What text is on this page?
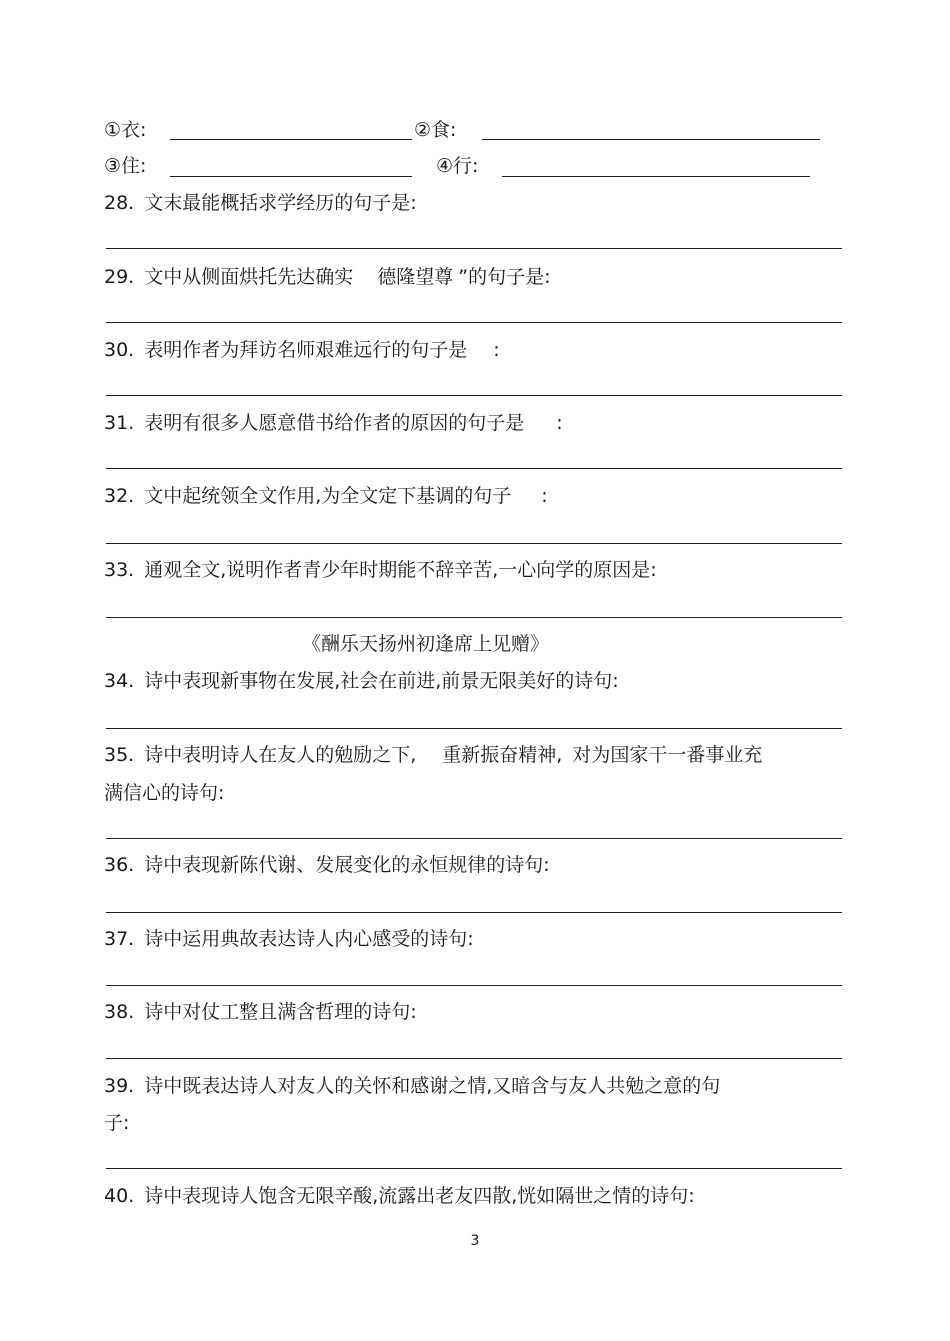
①衣:	②食:
③住:	④行:
28. 文末最能概括求学经历的句子是:
29. 文中从侧面烘托先达确实 德隆望尊 ”的句子是:
30. 表明作者为拜访名师艰难远行的句子是 :
31. 表明有很多人愿意借书给作者的原因的句子是 :
32. 文中起统领全文作用,为全文定下基调的句子 :
33. 通观全文,说明作者青少年时期能不辞辛苦,一心向学的原因是:
《酬乐天扬州初逢席上见赠》
34. 诗中表现新事物在发展,社会在前进,前景无限美好的诗句:
35. 诗中表明诗人在友人的勉励之下, 重新振奋精神, 对为国家干一番事业充
满信心的诗句:
36. 诗中表现新陈代谢、发展变化的永恒规律的诗句:
37. 诗中运用典故表达诗人内心感受的诗句:
38. 诗中对仗工整且满含哲理的诗句:
39. 诗中既表达诗人对友人的关怀和感谢之情,又暗含与友人共勉之意的句
子:
40. 诗中表现诗人饱含无限辛酸,流露出老友四散,恍如隔世之情的诗句:
3
